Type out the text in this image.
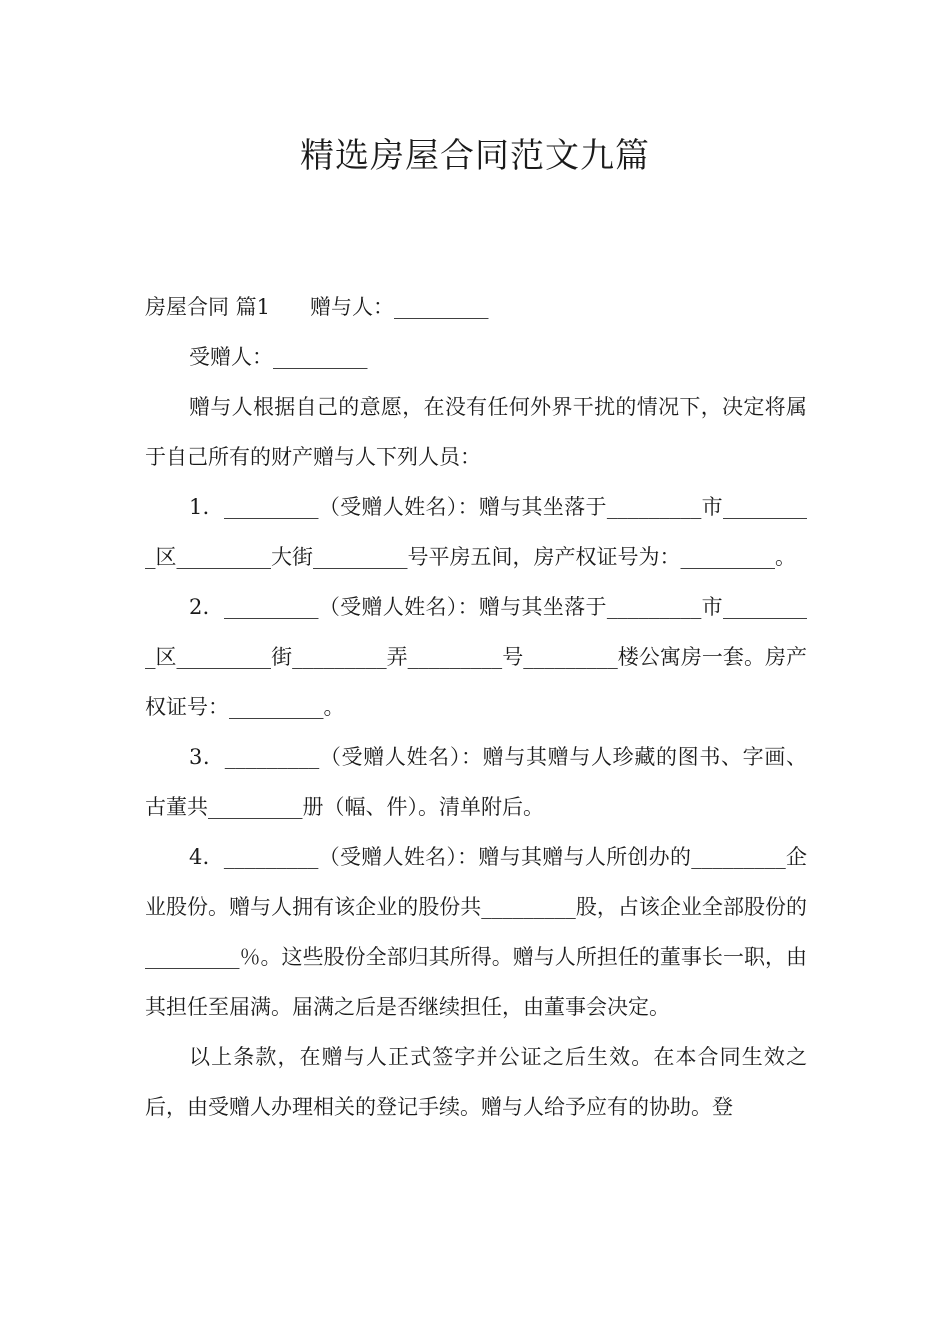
精选房屋合同范文九篇

房屋合同 篇1 赠与人：_________

受赠人：_________

赠与人根据自己的意愿，在没有任何外界干扰的情况下，决定将属于自己所有的财产赠与人下列人员：

1．_________（受赠人姓名）：赠与其坐落于_________市_________区_________大街_________号平房五间，房产权证号为：_________。

2．_________（受赠人姓名）：赠与其坐落于_________市_________区_________街_________弄_________号_________楼公寓房一套。房产权证号：_________。

3．_________（受赠人姓名）：赠与其赠与人珍藏的图书、字画、古董共_________册（幅、件）。清单附后。

4．_________（受赠人姓名）：赠与其赠与人所创办的_________企业股份。赠与人拥有该企业的股份共_________股，占该企业全部股份的_________％。这些股份全部归其所得。赠与人所担任的董事长一职，由其担任至届满。届满之后是否继续担任，由董事会决定。

以上条款，在赠与人正式签字并公证之后生效。在本合同生效之后，由受赠人办理相关的登记手续。赠与人给予应有的协助。登
